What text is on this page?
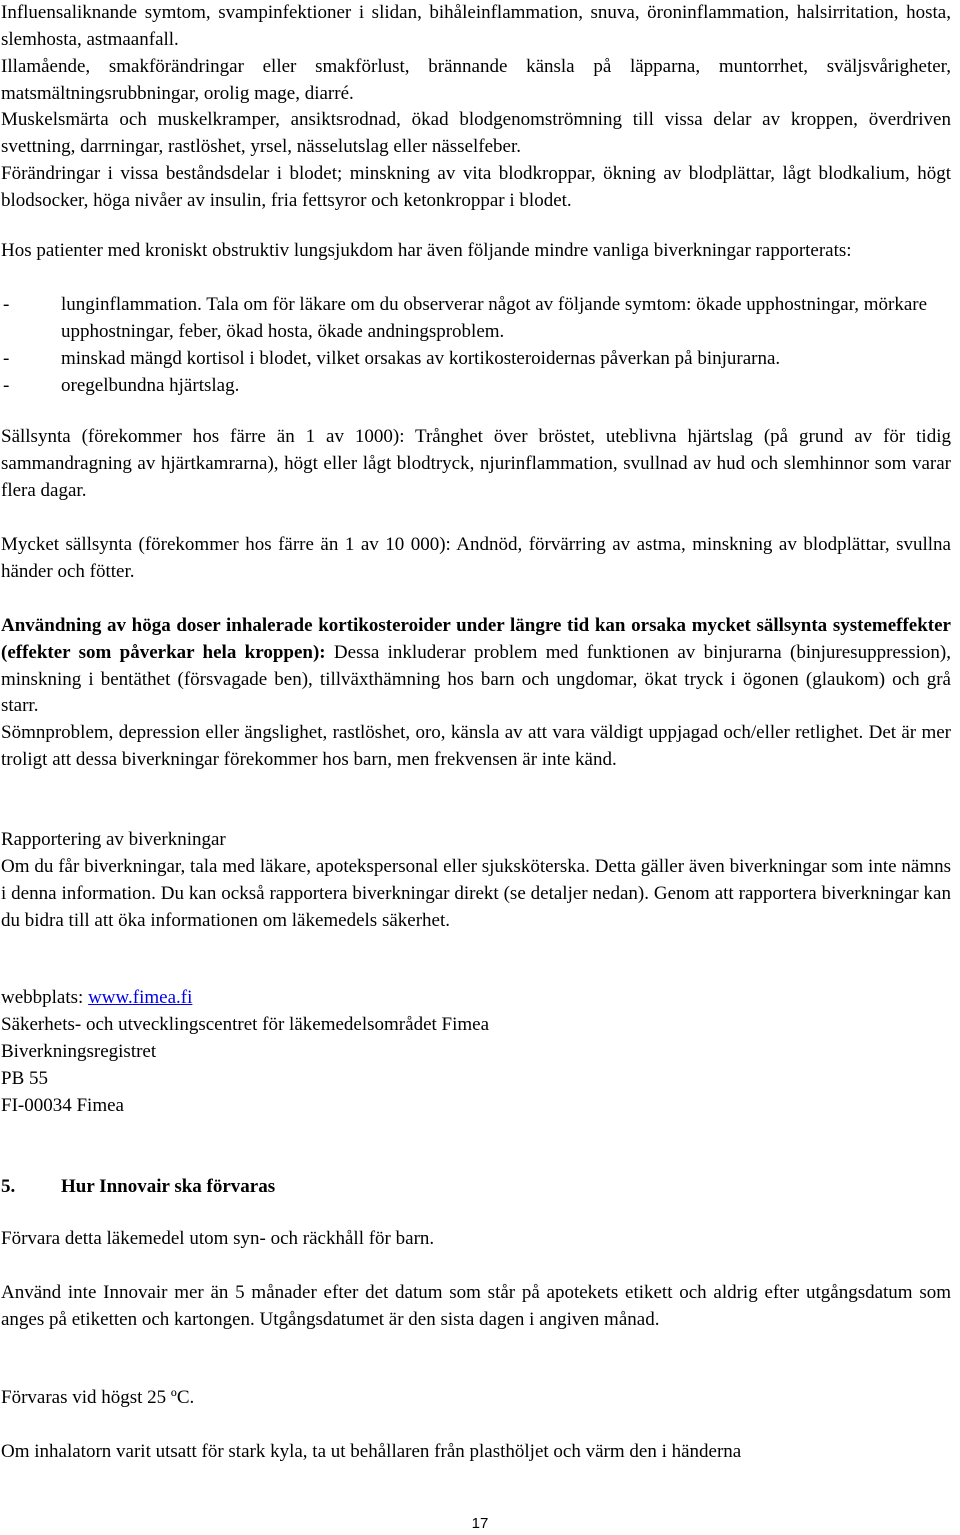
Influensaliknande symtom, svampinfektioner i slidan, bihåleinflammation, snuva, öroninflammation, halsirritation, hosta, slemhosta, astmaanfall.

Illamående, smakförändringar eller smakförlust, brännande känsla på läpparna, muntorrhet, sväljsvårigheter, matsmältningsrubbningar, orolig mage, diarré.

Muskelsmärta och muskelkramper, ansiktsrodnad, ökad blodgenomströmning till vissa delar av kroppen, överdriven svettning, darrningar, rastlöshet, yrsel, nässelutslag eller nässelfeber.

Förändringar i vissa beståndsdelar i blodet; minskning av vita blodkroppar, ökning av blodplättar, lågt blodkalium, högt blodsocker, höga nivåer av insulin, fria fettsyror och ketonkroppar i blodet.

Hos patienter med kroniskt obstruktiv lungsjukdom har även följande mindre vanliga biverkningar rapporterats:

-	lunginflammation. Tala om för läkare om du observerar något av följande symtom: ökade upphostningar, mörkare upphostningar, feber, ökad hosta, ökade andningsproblem.
-	minskad mängd kortisol i blodet, vilket orsakas av kortikosteroidernas påverkan på binjurarna.
-	oregelbundna hjärtslag.

Sällsynta (förekommer hos färre än 1 av 1000): Trånghet över bröstet, uteblivna hjärtslag (på grund av för tidig sammandragning av hjärtkamrarna), högt eller lågt blodtryck, njurinflammation, svullnad av hud och slemhinnor som varar flera dagar.

Mycket sällsynta (förekommer hos färre än 1 av 10 000): Andnöd, förvärring av astma, minskning av blodplättar, svullna händer och fötter.

Användning av höga doser inhalerade kortikosteroider under längre tid kan orsaka mycket sällsynta systemeffekter (effekter som påverkar hela kroppen): Dessa inkluderar problem med funktionen av binjurarna (binjuresuppression), minskning i bentäthet (försvagade ben), tillväxthämning hos barn och ungdomar, ökat tryck i ögonen (glaukom) och grå starr.

Sömnproblem, depression eller ängslighet, rastlöshet, oro, känsla av att vara väldigt uppjagad och/eller retlighet. Det är mer troligt att dessa biverkningar förekommer hos barn, men frekvensen är inte känd.

Rapportering av biverkningar

Om du får biverkningar, tala med läkare, apotekspersonal eller sjuksköterska. Detta gäller även biverkningar som inte nämns i denna information. Du kan också rapportera biverkningar direkt (se detaljer nedan). Genom att rapportera biverkningar kan du bidra till att öka informationen om läkemedels säkerhet.

webbplats: www.fimea.fi
Säkerhets- och utvecklingscentret för läkemedelsområdet Fimea
Biverkningsregistret
PB 55
FI-00034 Fimea
5. Hur Innovair ska förvaras

Förvara detta läkemedel utom syn- och räckhåll för barn.

Använd inte Innovair mer än 5 månader efter det datum som står på apotekets etikett och aldrig efter utgångsdatum som anges på etiketten och kartongen. Utgångsdatumet är den sista dagen i angiven månad.

Förvaras vid högst 25 ºC.

Om inhalatorn varit utsatt för stark kyla, ta ut behållaren från plasthöljet och värm den i händerna

17
